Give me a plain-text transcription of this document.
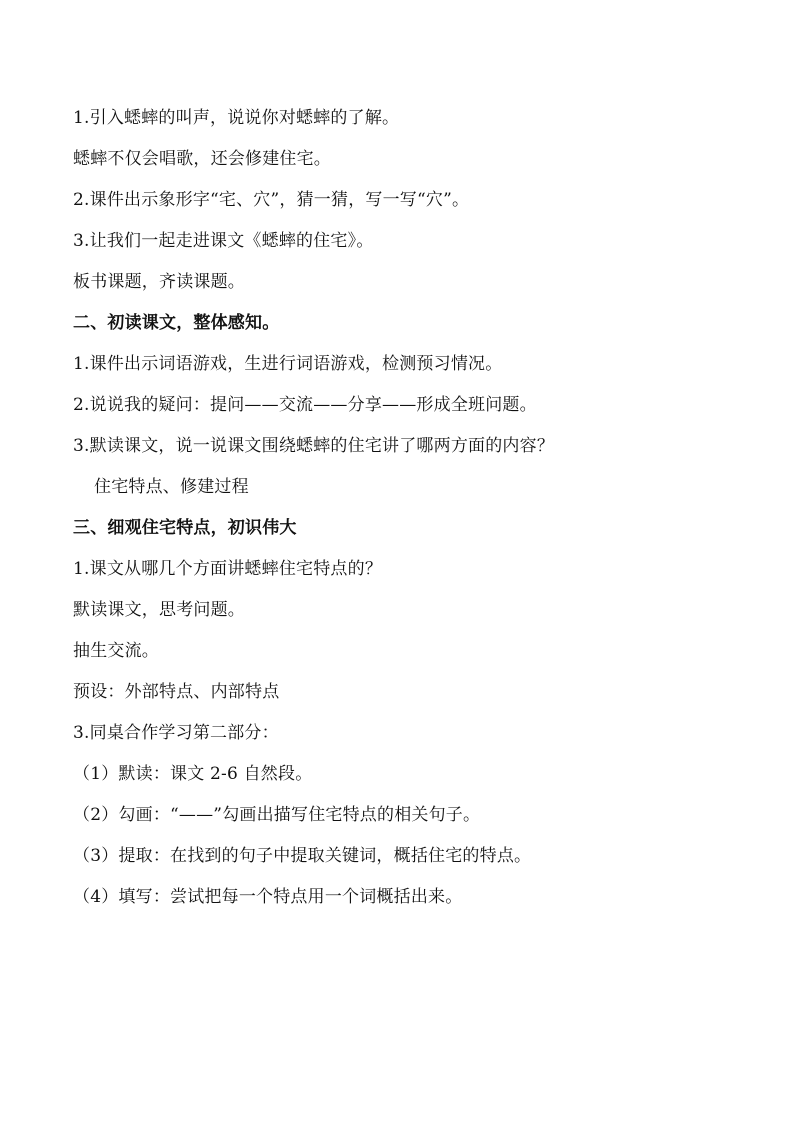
1.引入蟋蟀的叫声，说说你对蟋蟀的了解。
蟋蟀不仅会唱歌，还会修建住宅。
2.课件出示象形字“宅、穴”，猜一猜，写一写“穴”。
3.让我们一起走进课文《蟋蟀的住宅》。
板书课题，齐读课题。
二、初读课文，整体感知。
1.课件出示词语游戏，生进行词语游戏，检测预习情况。
2.说说我的疑问：提问——交流——分享——形成全班问题。
3.默读课文，说一说课文围绕蟋蟀的住宅讲了哪两方面的内容？
住宅特点、修建过程
三、细观住宅特点，初识伟大
1.课文从哪几个方面讲蟋蟀住宅特点的？
默读课文，思考问题。
抽生交流。
预设：外部特点、内部特点
3.同桌合作学习第二部分：
（1）默读：课文 2-6 自然段。
（2）勾画：“——”勾画出描写住宅特点的相关句子。
（3）提取：在找到的句子中提取关键词，概括住宅的特点。
（4）填写：尝试把每一个特点用一个词概括出来。
